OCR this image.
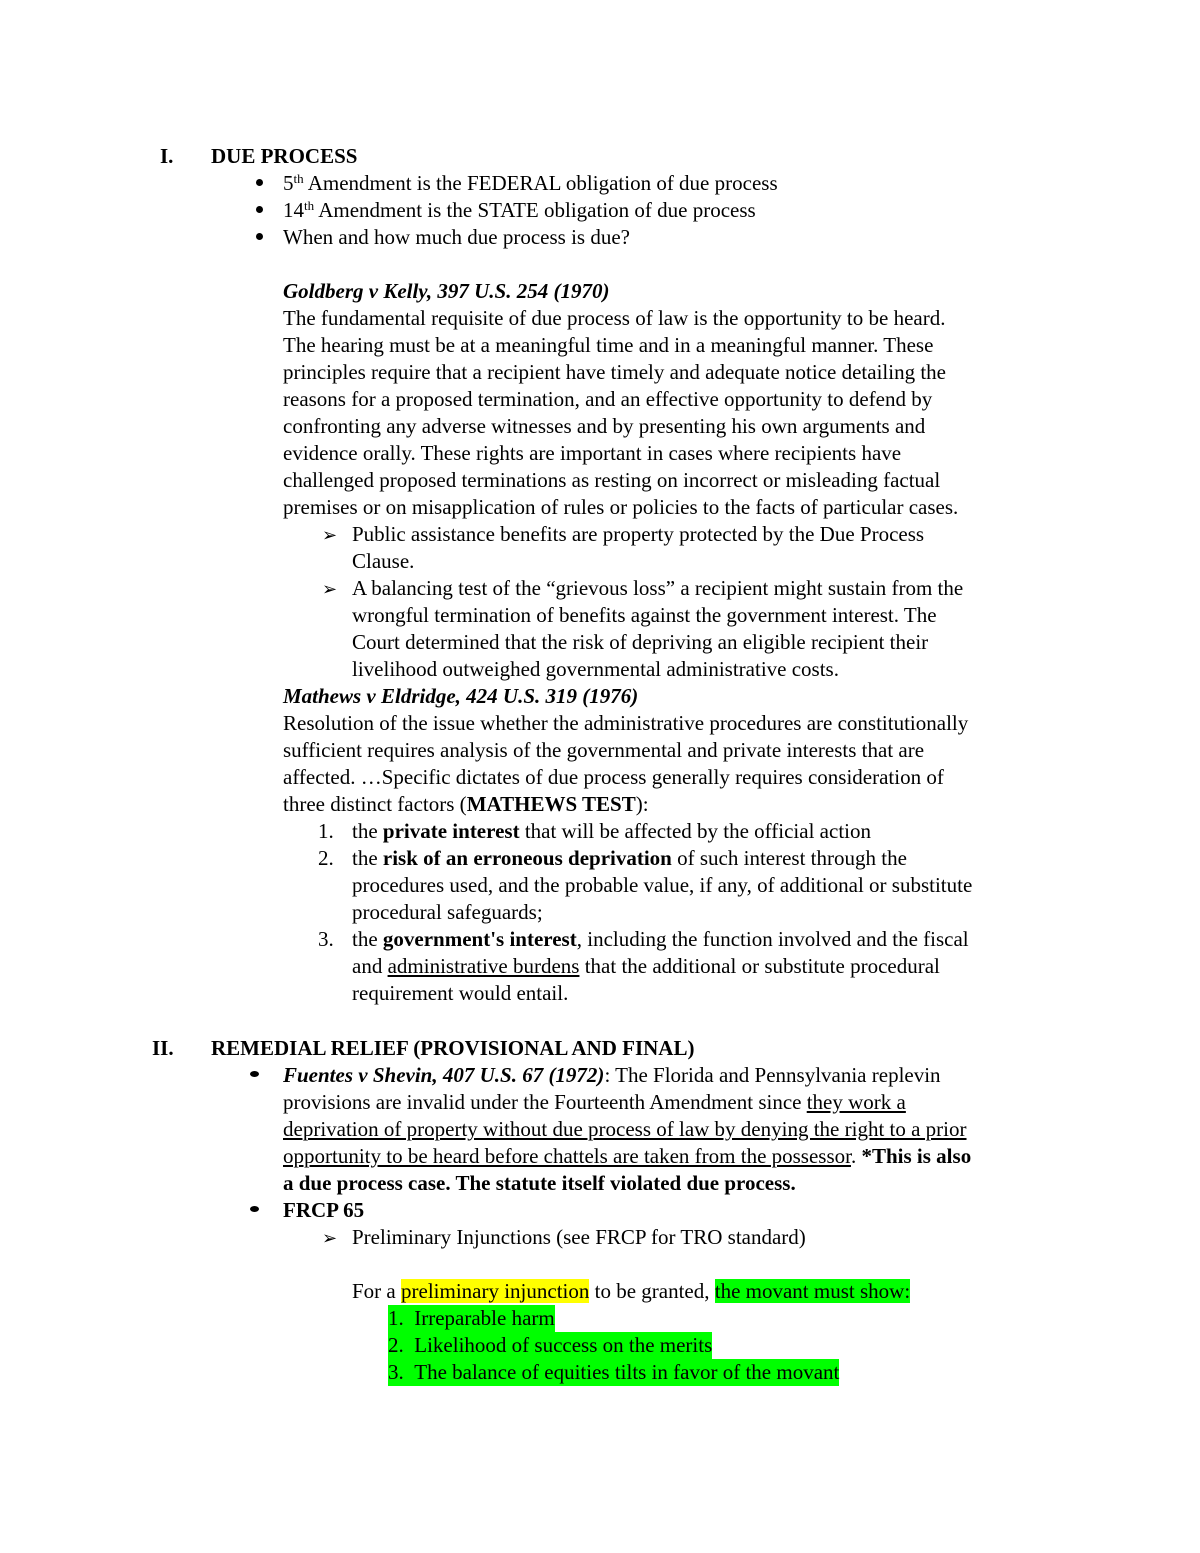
I. DUE PROCESS
5th Amendment is the FEDERAL obligation of due process
14th Amendment is the STATE obligation of due process
When and how much due process is due?
Goldberg v Kelly, 397 U.S. 254 (1970)
The fundamental requisite of due process of law is the opportunity to be heard.
The hearing must be at a meaningful time and in a meaningful manner. These
principles require that a recipient have timely and adequate notice detailing the
reasons for a proposed termination, and an effective opportunity to defend by
confronting any adverse witnesses and by presenting his own arguments and
evidence orally. These rights are important in cases where recipients have
challenged proposed terminations as resting on incorrect or misleading factual
premises or on misapplication of rules or policies to the facts of particular cases.
➢ Public assistance benefits are property protected by the Due Process
Clause.
➢ A balancing test of the “grievous loss” a recipient might sustain from the
wrongful termination of benefits against the government interest. The
Court determined that the risk of depriving an eligible recipient their
livelihood outweighed governmental administrative costs.
Mathews v Eldridge, 424 U.S. 319 (1976)
Resolution of the issue whether the administrative procedures are constitutionally
sufficient requires analysis of the governmental and private interests that are
affected. …Specific dictates of due process generally requires consideration of
three distinct factors (MATHEWS TEST):
1. the private interest that will be affected by the official action
2. the risk of an erroneous deprivation of such interest through the
procedures used, and the probable value, if any, of additional or substitute
procedural safeguards;
3. the government's interest, including the function involved and the fiscal
and administrative burdens that the additional or substitute procedural
requirement would entail.
II. REMEDIAL RELIEF (PROVISIONAL AND FINAL)
Fuentes v Shevin, 407 U.S. 67 (1972): The Florida and Pennsylvania replevin
provisions are invalid under the Fourteenth Amendment since they work a
deprivation of property without due process of law by denying the right to a prior
opportunity to be heard before chattels are taken from the possessor. *This is also
a due process case. The statute itself violated due process.
FRCP 65
➢ Preliminary Injunctions (see FRCP for TRO standard)
For a preliminary injunction to be granted, the movant must show:
1. Irreparable harm
2. Likelihood of success on the merits
3. The balance of equities tilts in favor of the movant
